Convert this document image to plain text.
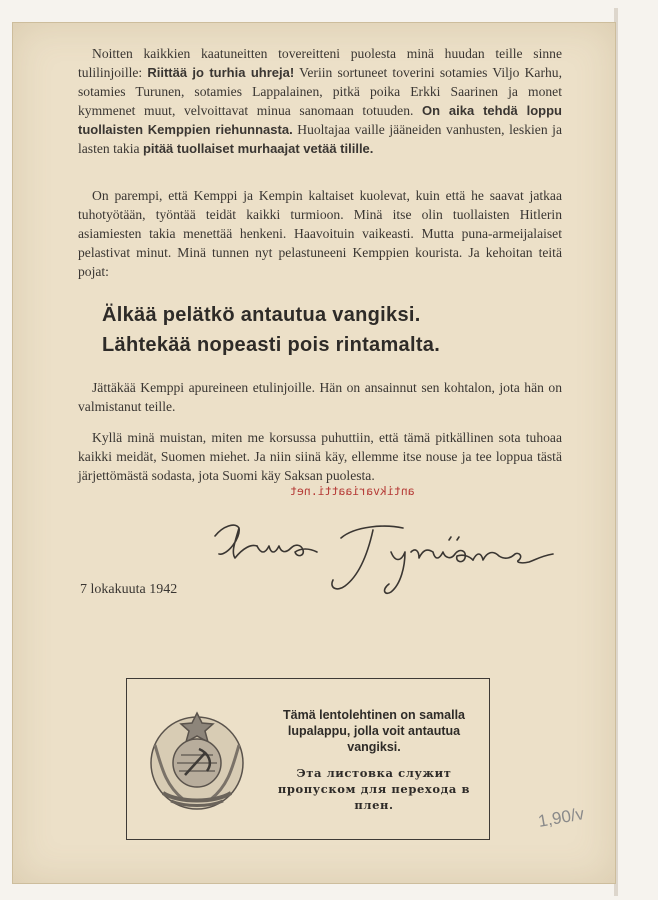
Noitten kaikkien kaatuneitten tovereitteni puolesta minä huudan teille sinne tulilinjoille: Riittää jo turhia uhreja! Veriin sortuneet toverini sotamies Viljo Karhu, sotamies Turunen, sotamies Lappalainen, pitkä poika Erkki Saarinen ja monet kymmenet muut, velvoittavat minua sanomaan totuuden. On aika tehdä loppu tuollaisten Kemppien riehunnasta. Huoltajaa vaille jääneiden vanhusten, leskien ja lasten takia pitää tuollaiset murhaajat vetää tilille.
On parempi, että Kemppi ja Kempin kaltaiset kuolevat, kuin että he saavat jatkaa tuhotyötään, työntää teidät kaikki turmioon. Minä itse olin tuollaisten Hitlerin asiamiesten takia menettää henkeni. Haavoituin vaikeasti. Mutta puna-armeijalaiset pelastivat minut. Minä tunnen nyt pelastuneeni Kemppien kourista. Ja kehoitan teitä pojat:
Älkää pelätkö antautua vangiksi.
Lähtekää nopeasti pois rintamalta.
Jättäkää Kemppi apureineen etulinjoille. Hän on ansainnut sen kohtalon, jota hän on valmistanut teille.
Kyllä minä muistan, miten me korsussa puhuttiin, että tämä pitkällinen sota tuhoaa kaikki meidät, Suomen miehet. Ja niin siinä käy, ellemme itse nouse ja tee loppua tästä järjettömästä sodasta, jota Suomi käy Saksan puolesta.
antikvariaatti.net
7 lokakuuta 1942
Tämä lentolehtinen on samalla lupalappu, jolla voit antautua vangiksi.
Эта листовка служит пропуском для перехода в плен.	1,90/v
